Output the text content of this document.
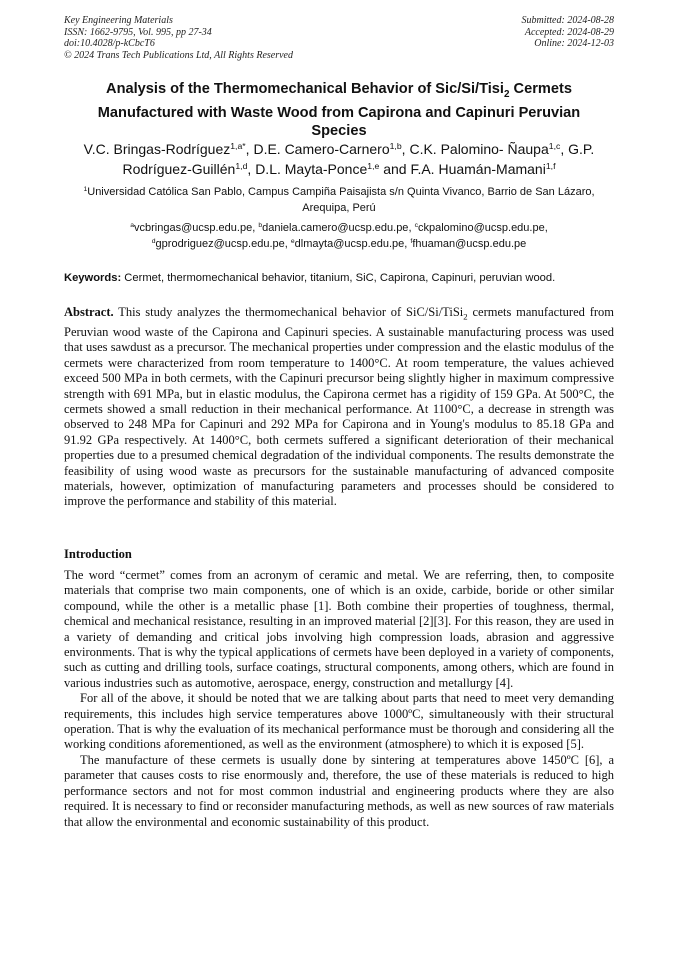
Key Engineering Materials
ISSN: 1662-9795, Vol. 995, pp 27-34
doi:10.4028/p-kCbcT6
© 2024 Trans Tech Publications Ltd, All Rights Reserved
Submitted: 2024-08-28
Accepted: 2024-08-29
Online: 2024-12-03
Analysis of the Thermomechanical Behavior of Sic/Si/Tisi$_2$ Cermets Manufactured with Waste Wood from Capirona and Capinuri Peruvian Species
V.C. Bringas-Rodríguez$^{1,a*}$, D.E. Camero-Carnero$^{1,b}$, C.K. Palomino- Ñaupa$^{1,c}$, G.P. Rodríguez-Guillén$^{1,d}$, D.L. Mayta-Ponce$^{1,e}$ and F.A. Huamán-Mamani$^{1,f}$
$^1$Universidad Católica San Pablo, Campus Campiña Paisajista s/n Quinta Vivanco, Barrio de San Lázaro, Arequipa, Perú
$^a$vcbringas@ucsp.edu.pe, $^b$daniela.camero@ucsp.edu.pe, $^c$ckpalomino@ucsp.edu.pe,
$^d$gprodriguez@ucsp.edu.pe, $^e$dlmayta@ucsp.edu.pe, $^f$fhuaman@ucsp.edu.pe
Keywords: Cermet, thermomechanical behavior, titanium, SiC, Capirona, Capinuri, peruvian wood.
Abstract. This study analyzes the thermomechanical behavior of SiC/Si/TiSi$_2$ cermets manufactured from Peruvian wood waste of the Capirona and Capinuri species. A sustainable manufacturing process was used that uses sawdust as a precursor. The mechanical properties under compression and the elastic modulus of the cermets were characterized from room temperature to 1400°C. At room temperature, the values achieved exceed 500 MPa in both cermets, with the Capinuri precursor being slightly higher in maximum compressive strength with 691 MPa, but in elastic modulus, the Capirona cermet has a rigidity of 159 GPa. At 500°C, the cermets showed a small reduction in their mechanical performance. At 1100°C, a decrease in strength was observed to 248 MPa for Capinuri and 292 MPa for Capirona and in Young's modulus to 85.18 GPa and 91.92 GPa respectively. At 1400°C, both cermets suffered a significant deterioration of their mechanical properties due to a presumed chemical degradation of the individual components. The results demonstrate the feasibility of using wood waste as precursors for the sustainable manufacturing of advanced composite materials, however, optimization of manufacturing parameters and processes should be considered to improve the performance and stability of this material.
Introduction

The word “cermet” comes from an acronym of ceramic and metal. We are referring, then, to composite materials that comprise two main components, one of which is an oxide, carbide, boride or other similar compound, while the other is a metallic phase [1]. Both combine their properties of toughness, thermal, chemical and mechanical resistance, resulting in an improved material [2][3]. For this reason, they are used in a variety of demanding and critical jobs involving high compression loads, abrasion and aggressive environments. That is why the typical applications of cermets have been deployed in a variety of components, such as cutting and drilling tools, surface coatings, structural components, among others, which are found in various industries such as automotive, aerospace, energy, construction and metallurgy [4].

For all of the above, it should be noted that we are talking about parts that need to meet very demanding requirements, this includes high service temperatures above 1000ºC, simultaneously with their structural operation. That is why the evaluation of its mechanical performance must be thorough and considering all the working conditions aforementioned, as well as the environment (atmosphere) to which it is exposed [5].

The manufacture of these cermets is usually done by sintering at temperatures above 1450ºC [6], a parameter that causes costs to rise enormously and, therefore, the use of these materials is reduced to high performance sectors and not for most common industrial and engineering products where they are also required. It is necessary to find or reconsider manufacturing methods, as well as new sources of raw materials that allow the environmental and economic sustainability of this product.
